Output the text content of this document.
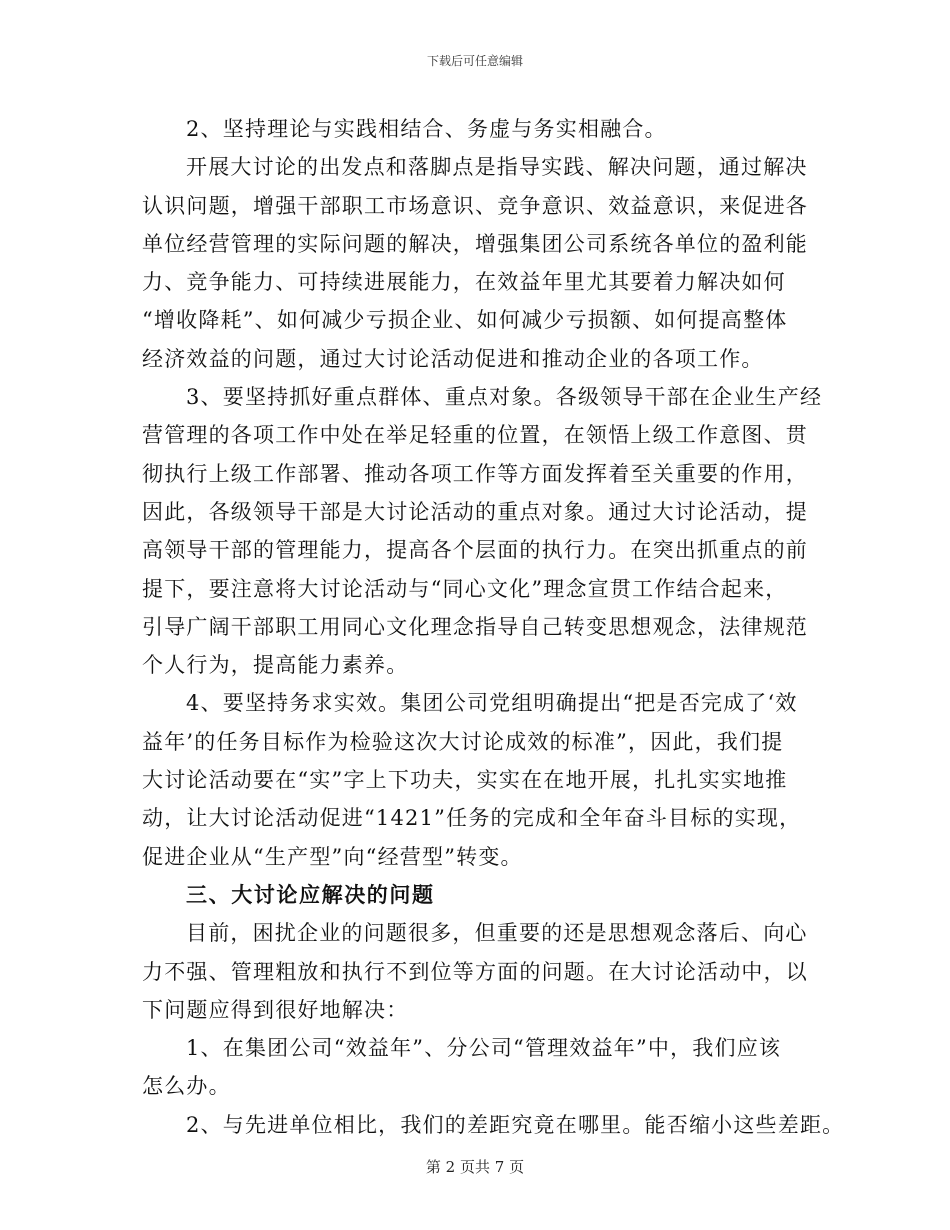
下载后可任意编辑
2、坚持理论与实践相结合、务虚与务实相融合。
开展大讨论的出发点和落脚点是指导实践、解决问题，通过解决
认识问题，增强干部职工市场意识、竞争意识、效益意识，来促进各
单位经营管理的实际问题的解决，增强集团公司系统各单位的盈利能
力、竞争能力、可持续进展能力，在效益年里尤其要着力解决如何
“增收降耗”、如何减少亏损企业、如何减少亏损额、如何提高整体
经济效益的问题，通过大讨论活动促进和推动企业的各项工作。
3、要坚持抓好重点群体、重点对象。各级领导干部在企业生产经
营管理的各项工作中处在举足轻重的位置，在领悟上级工作意图、贯
彻执行上级工作部署、推动各项工作等方面发挥着至关重要的作用，
因此，各级领导干部是大讨论活动的重点对象。通过大讨论活动，提
高领导干部的管理能力，提高各个层面的执行力。在突出抓重点的前
提下，要注意将大讨论活动与“同心文化”理念宣贯工作结合起来，
引导广阔干部职工用同心文化理念指导自己转变思想观念，法律规范
个人行为，提高能力素养。
4、要坚持务求实效。集团公司党组明确提出“把是否完成了‘效
益年’的任务目标作为检验这次大讨论成效的标准”，因此，我们提
大讨论活动要在“实”字上下功夫，实实在在地开展，扎扎实实地推
动，让大讨论活动促进“1421”任务的完成和全年奋斗目标的实现，
促进企业从“生产型”向“经营型”转变。
三、大讨论应解决的问题
目前，困扰企业的问题很多，但重要的还是思想观念落后、向心
力不强、管理粗放和执行不到位等方面的问题。在大讨论活动中，以
下问题应得到很好地解决：
1、在集团公司“效益年”、分公司“管理效益年”中，我们应该
怎么办。
2、与先进单位相比，我们的差距究竟在哪里。能否缩小这些差距。
第 2 页共 7 页
